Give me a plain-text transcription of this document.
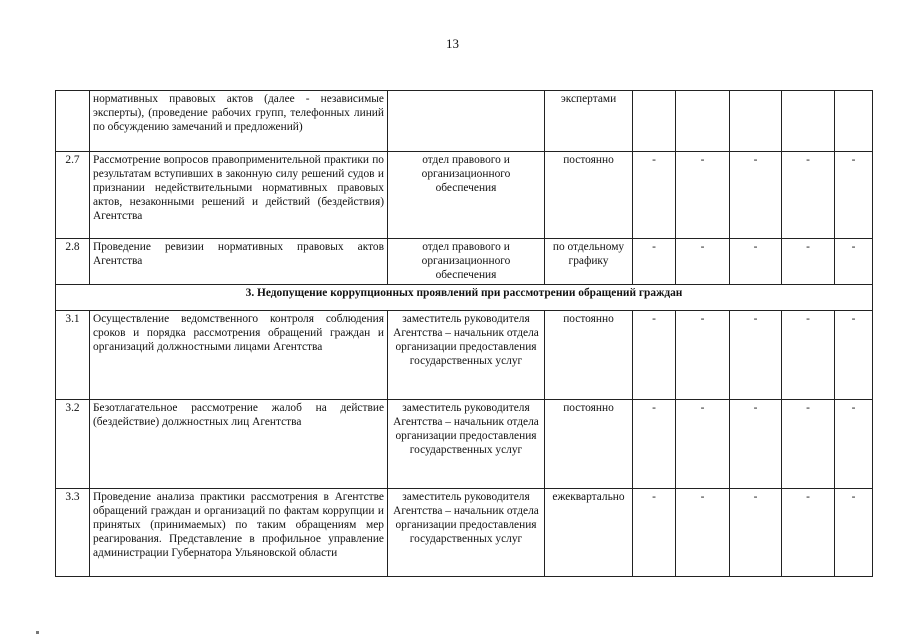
13
	нормативных правовых актов (далее - независимые эксперты), (проведение рабочих групп, телефонных линий по обсуждению замечаний и предложений)		экспертами					
2.7	Рассмотрение вопросов правоприменительной практики по результатам вступивших в законную силу решений судов и признании недействительными нормативных правовых актов, незаконными решений и действий (бездействия) Агентства	отдел правового и организационного обеспечения	постоянно	-	-	-	-	-
2.8	Проведение ревизии нормативных правовых актов Агентства	отдел правового и организационного обеспечения	по отдельному графику	-	-	-	-	-
3. Недопущение коррупционных проявлений при рассмотрении обращений граждан								
3.1	Осуществление ведомственного контроля соблюдения сроков и порядка рассмотрения обращений граждан и организаций должностными лицами Агентства	заместитель руководителя Агентства – начальник отдела организации предоставления государственных услуг	постоянно	-	-	-	-	-
3.2	Безотлагательное рассмотрение жалоб на действие (бездействие) должностных лиц Агентства	заместитель руководителя Агентства – начальник отдела организации предоставления государственных услуг	постоянно	-	-	-	-	-
3.3	Проведение анализа практики рассмотрения в Агентстве обращений граждан и организаций по фактам коррупции и принятых (принимаемых) по таким обращениям мер реагирования. Представление в профильное управление администрации Губернатора Ульяновской области	заместитель руководителя Агентства – начальник отдела организации предоставления государственных услуг	ежеквартально	-	-	-	-	-
